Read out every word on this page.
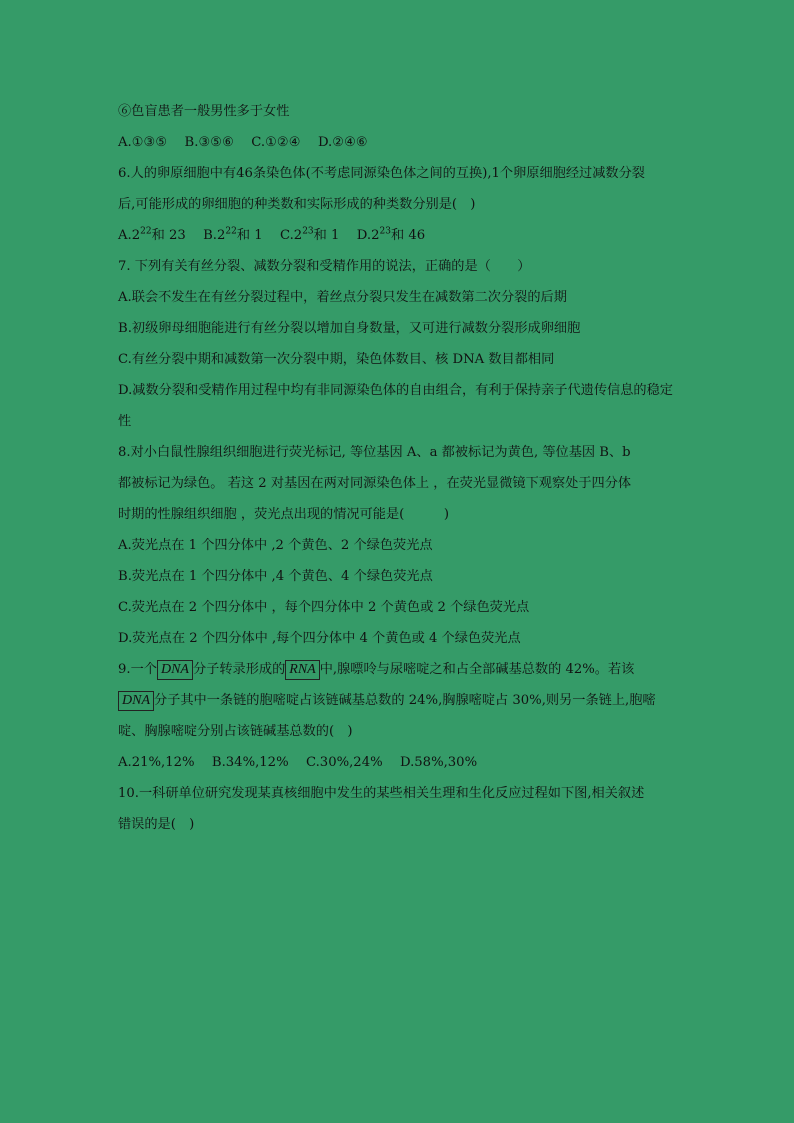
⑥色盲患者一般男性多于女性
A.①③⑤　 B.③⑤⑥　 C.①②④　 D.②④⑥
6.人的卵原细胞中有46条染色体(不考虑同源染色体之间的互换),1个卵原细胞经过减数分裂
后,可能形成的卵细胞的种类数和实际形成的种类数分别是(　)
$A.2^{22}$和 23　 $B.2^{22}$和 1　 $C.2^{23}$和 1　 $D.2^{23}$和 46
7. 下列有关有丝分裂、减数分裂和受精作用的说法，正确的是（　　）
A.联会不发生在有丝分裂过程中，着丝点分裂只发生在减数第二次分裂的后期
B.初级卵母细胞能进行有丝分裂以增加自身数量，又可进行减数分裂形成卵细胞
C.有丝分裂中期和减数第一次分裂中期，染色体数目、核 DNA 数目都相同
D.减数分裂和受精作用过程中均有非同源染色体的自由组合，有利于保持亲子代遗传信息的稳定
性
8.对小白鼠性腺组织细胞进行荧光标记, 等位基因 A、a 都被标记为黄色, 等位基因 B、b
都被标记为绿色。 若这 2 对基因在两对同源染色体上 ，在荧光显微镜下观察处于四分体
时期的性腺组织细胞 ，荧光点出现的情况可能是(　　　)
A.荧光点在 1 个四分体中 ,2 个黄色、2 个绿色荧光点
B.荧光点在 1 个四分体中 ,4 个黄色、4 个绿色荧光点
C.荧光点在 2 个四分体中 ，每个四分体中 2 个黄色或 2 个绿色荧光点
D.荧光点在 2 个四分体中 ,每个四分体中 4 个黄色或 4 个绿色荧光点
9.一个 DNA 分子转录形成的 RNA 中,腺嘌呤与尿嘧啶之和占全部碱基总数的 42%。若该
DNA 分子其中一条链的胞嘧啶占该链碱基总数的 24%,胸腺嘧啶占 30%,则另一条链上,胞嘧
啶、胸腺嘧啶分别占该链碱基总数的(　)
A.21%,12%　 B.34%,12%　 C.30%,24%　 D.58%,30%
10.一科研单位研究发现某真核细胞中发生的某些相关生理和生化反应过程如下图,相关叙述
错误的是(　)
